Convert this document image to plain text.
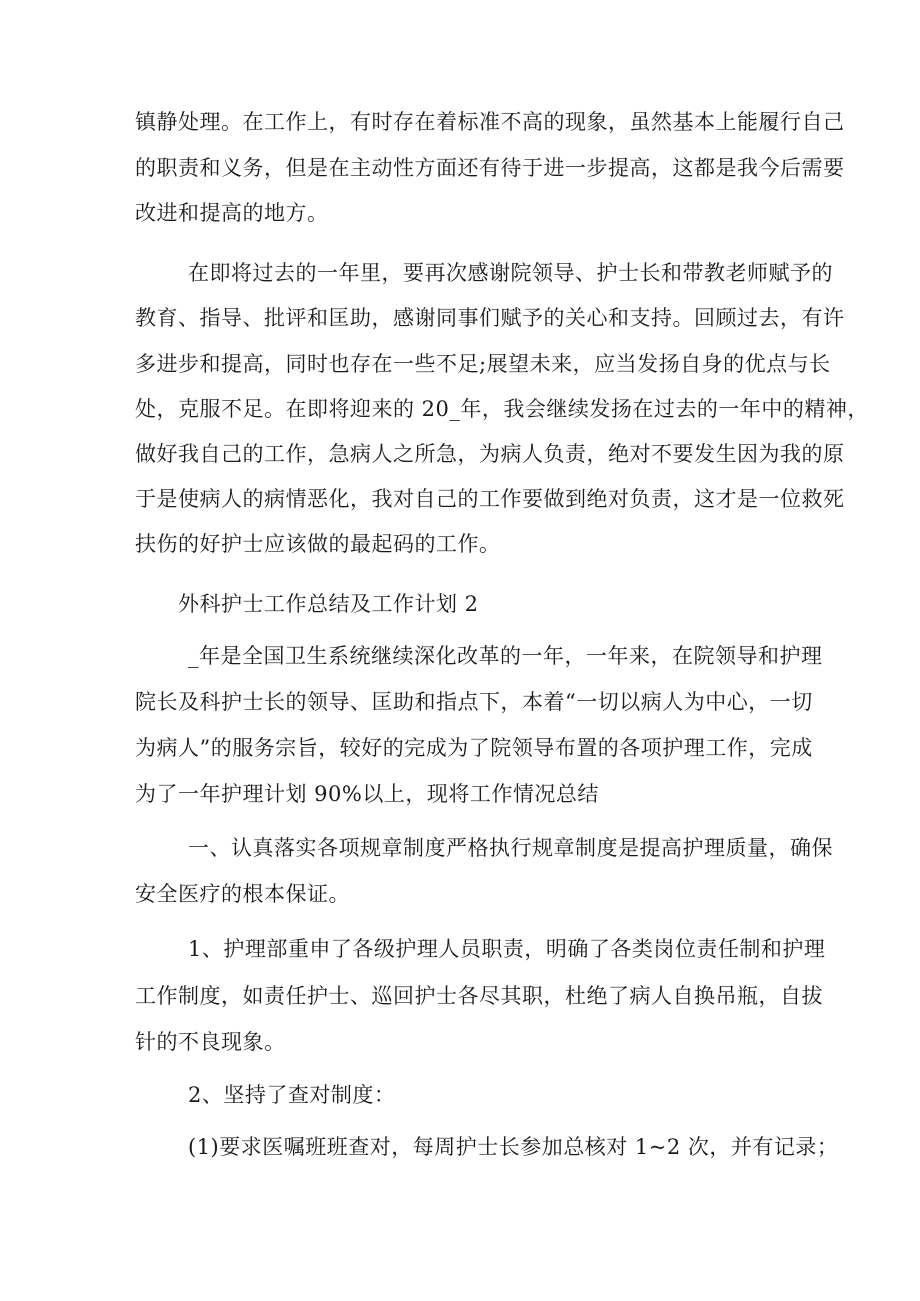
镇静处理。在工作上，有时存在着标准不高的现象，虽然基本上能履行自己
的职责和义务，但是在主动性方面还有待于进一步提高，这都是我今后需要
改进和提高的地方。
在即将过去的一年里，要再次感谢院领导、护士长和带教老师赋予的
教育、指导、批评和匡助，感谢同事们赋予的关心和支持。回顾过去，有许
多进步和提高，同时也存在一些不足;展望未来，应当发扬自身的优点与长
处，克服不足。在即将迎来的 20_年，我会继续发扬在过去的一年中的精神，
做好我自己的工作，急病人之所急，为病人负责，绝对不要发生因为我的原
于是使病人的病情恶化，我对自己的工作要做到绝对负责，这才是一位救死
扶伤的好护士应该做的最起码的工作。
外科护士工作总结及工作计划 2
_年是全国卫生系统继续深化改革的一年，一年来，在院领导和护理
院长及科护士长的领导、匡助和指点下，本着“一切以病人为中心，一切
为病人”的服务宗旨，较好的完成为了院领导布置的各项护理工作，完成
为了一年护理计划 90%以上，现将工作情况总结
一、认真落实各项规章制度严格执行规章制度是提高护理质量，确保
安全医疗的根本保证。
1、护理部重申了各级护理人员职责，明确了各类岗位责任制和护理
工作制度，如责任护士、巡回护士各尽其职，杜绝了病人自换吊瓶，自拔
针的不良现象。
2、坚持了查对制度：
(1)要求医嘱班班查对，每周护士长参加总核对 1~2 次，并有记录；
